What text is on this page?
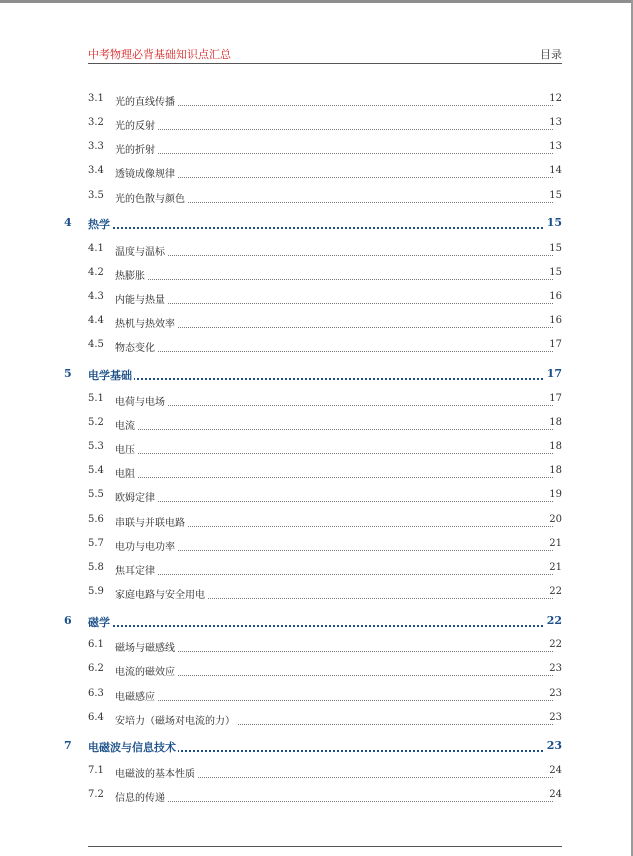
中考物理必背基础知识点汇总	目录
3.1 光的直线传播	12
3.2 光的反射	13
3.3 光的折射	13
3.4 透镜成像规律	14
3.5 光的色散与颜色	15
4 热学	15
4.1 温度与温标	15
4.2 热膨胀	15
4.3 内能与热量	16
4.4 热机与热效率	16
4.5 物态变化	17
5 电学基础	17
5.1 电荷与电场	17
5.2 电流	18
5.3 电压	18
5.4 电阻	18
5.5 欧姆定律	19
5.6 串联与并联电路	20
5.7 电功与电功率	21
5.8 焦耳定律	21
5.9 家庭电路与安全用电	22
6 磁学	22
6.1 磁场与磁感线	22
6.2 电流的磁效应	23
6.3 电磁感应	23
6.4 安培力（磁场对电流的力）	23
7 电磁波与信息技术	23
7.1 电磁波的基本性质	24
7.2 信息的传递	24
